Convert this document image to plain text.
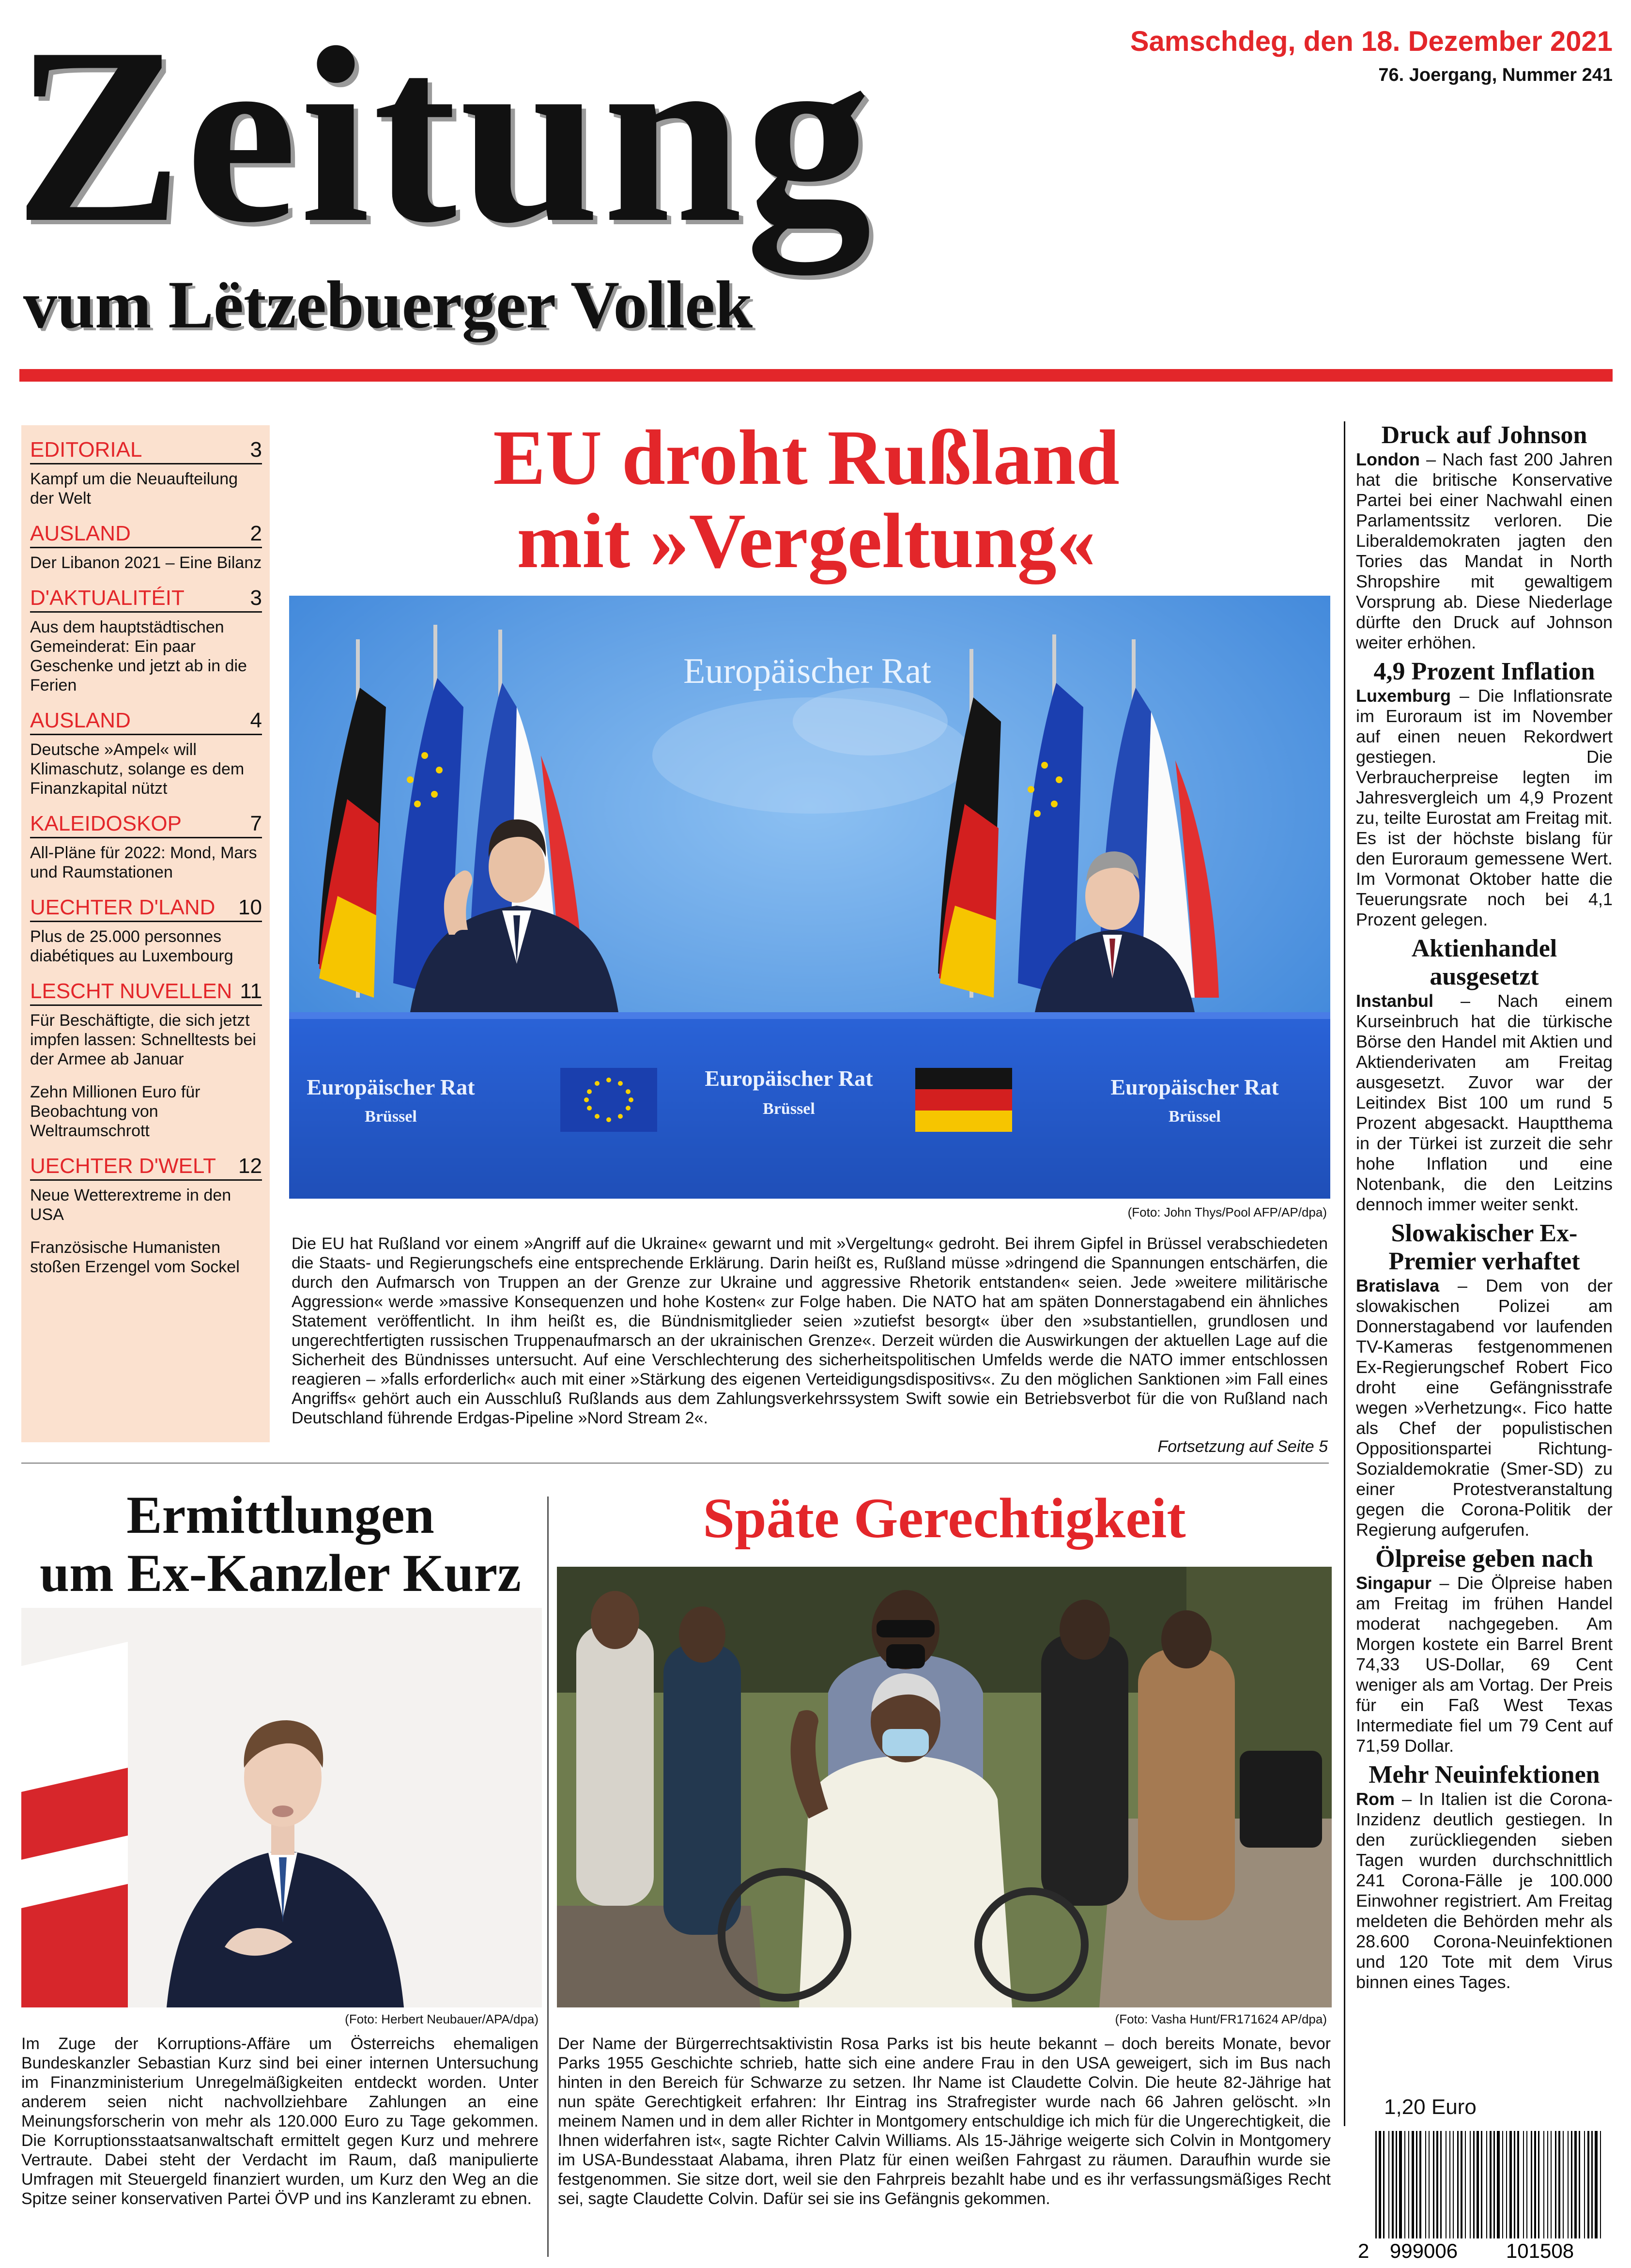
Zeitung
vum Lëtzebuerger Vollek
Samschdeg, den 18. Dezember 2021
76. Joergang, Nummer 241
EDITORIAL	3
Kampf um die Neuaufteilung der Welt
AUSLAND	2
Der Libanon 2021 – Eine Bilanz
D'AKTUALITÉIT	3
Aus dem hauptstädtischen Gemeinderat: Ein paar Geschenke und jetzt ab in die Ferien
AUSLAND	4
Deutsche »Ampel« will Klimaschutz, solange es dem Finanzkapital nützt
KALEIDOSKOP	7
All-Pläne für 2022: Mond, Mars und Raumstationen
UECHTER D'LAND 10
Plus de 25.000 personnes diabétiques au Luxembourg
LESCHT NUVELLEN 11
Für Beschäftigte, die sich jetzt impfen lassen: Schnelltests bei der Armee ab Januar
Zehn Millionen Euro für Beobachtung von Weltraumschrott
UECHTER D'WELT 12
Neue Wetterextreme in den USA
Französische Humanisten stoßen Erzengel vom Sockel
EU droht Rußland
mit »Vergeltung«
Europäischer Rat
Europäischer Rat
Brüssel
Europäischer Rat
Brüssel
Europäischer Rat
Brüssel
(Foto: John Thys/Pool AFP/AP/dpa)
Die EU hat Rußland vor einem »Angriff auf die Ukraine« gewarnt und mit »Vergeltung« gedroht. Bei ihrem Gipfel in Brüssel verabschiedeten die Staats- und Regierungschefs eine entsprechende Erklärung. Darin heißt es, Rußland müsse »dringend die Spannungen entschärfen, die durch den Aufmarsch von Truppen an der Grenze zur Ukraine und aggressive Rhetorik entstanden« seien. Jede »weitere militärische Aggression« werde »massive Konsequenzen und hohe Kosten« zur Folge haben. Die NATO hat am späten Donnerstagabend ein ähnliches Statement veröffentlicht. In ihm heißt es, die Bündnismitglieder seien »zutiefst besorgt« über den »substantiellen, grundlosen und ungerechtfertigten russischen Truppenaufmarsch an der ukrainischen Grenze«. Derzeit würden die Auswirkungen der aktuellen Lage auf die Sicherheit des Bündnisses untersucht. Auf eine Verschlechterung des sicherheitspolitischen Umfelds werde die NATO immer entschlossen reagieren – »falls erforderlich« auch mit einer »Stärkung des eigenen Verteidigungsdispositivs«. Zu den möglichen Sanktionen »im Fall eines Angriffs« gehört auch ein Ausschluß Rußlands aus dem Zahlungsverkehrssystem Swift sowie ein Betriebsverbot für die von Rußland nach Deutschland führende Erdgas-Pipeline »Nord Stream 2«.
Fortsetzung auf Seite 5
Druck auf Johnson
London – Nach fast 200 Jahren hat die britische Konservative Partei bei einer Nachwahl einen Parlamentssitz verloren. Die Liberaldemokraten jagten den Tories das Mandat in North Shropshire mit gewaltigem Vorsprung ab. Diese Niederlage dürfte den Druck auf Johnson weiter erhöhen.
4,9 Prozent Inflation
Luxemburg – Die Inflationsrate im Euroraum ist im November auf einen neuen Rekordwert gestiegen. Die Verbraucherpreise legten im Jahresvergleich um 4,9 Prozent zu, teilte Eurostat am Freitag mit. Es ist der höchste bislang für den Euroraum gemessene Wert. Im Vormonat Oktober hatte die Teuerungsrate noch bei 4,1 Prozent gelegen.
Aktienhandel ausgesetzt
Instanbul – Nach einem Kurseinbruch hat die türkische Börse den Handel mit Aktien und Aktienderivaten am Freitag ausgesetzt. Zuvor war der Leitindex Bist 100 um rund 5 Prozent abgesackt. Hauptthema in der Türkei ist zurzeit die sehr hohe Inflation und eine Notenbank, die den Leitzins dennoch immer weiter senkt.
Slowakischer Ex-Premier verhaftet
Bratislava – Dem von der slowakischen Polizei am Donnerstagabend vor laufenden TV-Kameras festgenommenen Ex-Regierungschef Robert Fico droht eine Gefängnisstrafe wegen »Verhetzung«. Fico hatte als Chef der populistischen Oppositionspartei Richtung-Sozialdemokratie (Smer-SD) zu einer Protestveranstaltung gegen die Corona-Politik der Regierung aufgerufen.
Ölpreise geben nach
Singapur – Die Ölpreise haben am Freitag im frühen Handel moderat nachgegeben. Am Morgen kostete ein Barrel Brent 74,33 US-Dollar, 69 Cent weniger als am Vortag. Der Preis für ein Faß West Texas Intermediate fiel um 79 Cent auf 71,59 Dollar.
Mehr Neuinfektionen
Rom – In Italien ist die Corona-Inzidenz deutlich gestiegen. In den zurückliegenden sieben Tagen wurden durchschnittlich 241 Corona-Fälle je 100.000 Einwohner registriert. Am Freitag meldeten die Behörden mehr als 28.600 Corona-Neuinfektionen und 120 Tote mit dem Virus binnen eines Tages.
Ermittlungen
um Ex-Kanzler Kurz
(Foto: Herbert Neubauer/APA/dpa)
Im Zuge der Korruptions-Affäre um Österreichs ehemaligen Bundeskanzler Sebastian Kurz sind bei einer internen Untersuchung im Finanzministerium Unregelmäßigkeiten entdeckt worden. Unter anderem seien nicht nachvollziehbare Zahlungen an eine Meinungsforscherin von mehr als 120.000 Euro zu Tage gekommen. Die Korruptionsstaatsanwaltschaft ermittelt gegen Kurz und mehrere Vertraute. Dabei steht der Verdacht im Raum, daß manipulierte Umfragen mit Steuergeld finanziert wurden, um Kurz den Weg an die Spitze seiner konservativen Partei ÖVP und ins Kanzleramt zu ebnen.
Späte Gerechtigkeit
(Foto: Vasha Hunt/FR171624 AP/dpa)
Der Name der Bürgerrechtsaktivistin Rosa Parks ist bis heute bekannt – doch bereits Monate, bevor Parks 1955 Geschichte schrieb, hatte sich eine andere Frau in den USA geweigert, sich im Bus nach hinten in den Bereich für Schwarze zu setzen. Ihr Name ist Claudette Colvin. Die heute 82-Jährige hat nun späte Gerechtigkeit erfahren: Ihr Eintrag ins Strafregister wurde nach 66 Jahren gelöscht. »In meinem Namen und in dem aller Richter in Montgomery entschuldige ich mich für die Ungerechtigkeit, die Ihnen widerfahren ist«, sagte Richter Calvin Williams. Als 15-Jährige weigerte sich Colvin in Montgomery im USA-Bundesstaat Alabama, ihren Platz für einen weißen Fahrgast zu räumen. Daraufhin wurde sie festgenommen. Sie sitze dort, weil sie den Fahrpreis bezahlt habe und es ihr verfassungsmäßiges Recht sei, sagte Claudette Colvin. Dafür sei sie ins Gefängnis gekommen.
1,20 Euro
2 999006 101508
